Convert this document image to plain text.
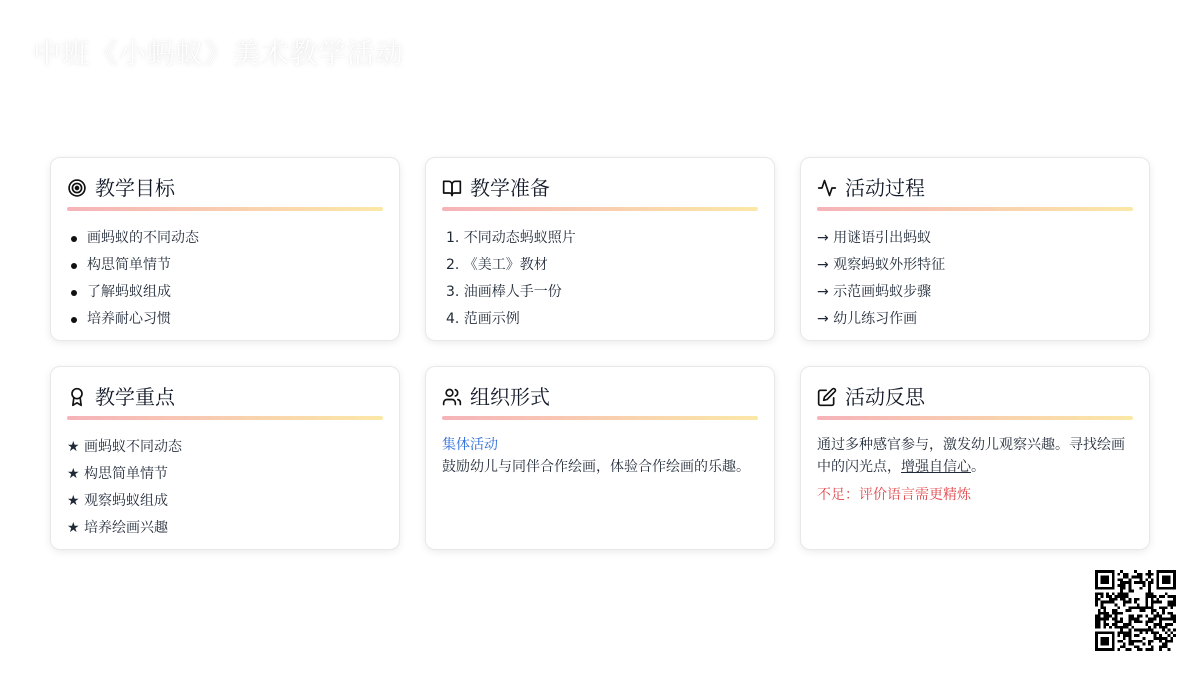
中班《小蚂蚁》美术教学活动
教学目标
画蚂蚁的不同动态
构思简单情节
了解蚂蚁组成
培养耐心习惯
教学准备
1. 不同动态蚂蚁照片
2. 《美工》教材
3. 油画棒人手一份
4. 范画示例
活动过程
→ 用谜语引出蚂蚁
→ 观察蚂蚁外形特征
→ 示范画蚂蚁步骤
→ 幼儿练习作画
教学重点
★ 画蚂蚁不同动态
★ 构思简单情节
★ 观察蚂蚁组成
★ 培养绘画兴趣
组织形式
集体活动
鼓励幼儿与同伴合作绘画，体验合作绘画的乐趣。
活动反思
通过多种感官参与，激发幼儿观察兴趣。寻找绘画中的闪光点，增强自信心。
不足：评价语言需更精炼
